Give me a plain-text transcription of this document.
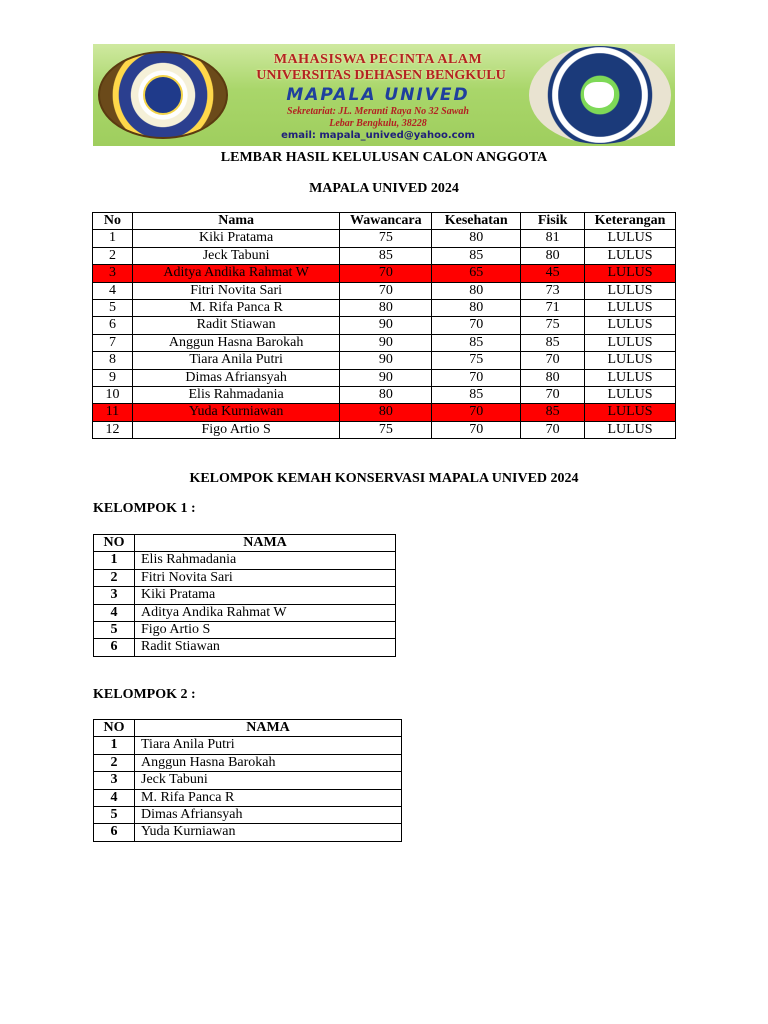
MAHASISWA PECINTA ALAM
UNIVERSITAS DEHASEN BENGKULU
MAPALA UNIVED
Sekretariat: JL. Meranti Raya No 32 Sawah
Lebar Bengkulu, 38228
email: mapala_unived@yahoo.com
LEMBAR HASIL KELULUSAN CALON ANGGOTA
MAPALA UNIVED 2024
No	Nama	Wawancara	Kesehatan	Fisik	Keterangan
1	Kiki Pratama	75	80	81	LULUS
2	Jeck Tabuni	85	85	80	LULUS
3	Aditya Andika Rahmat W	70	65	45	LULUS
4	Fitri Novita Sari	70	80	73	LULUS
5	M. Rifa Panca R	80	80	71	LULUS
6	Radit Stiawan	90	70	75	LULUS
7	Anggun Hasna Barokah	90	85	85	LULUS
8	Tiara Anila Putri	90	75	70	LULUS
9	Dimas Afriansyah	90	70	80	LULUS
10	Elis Rahmadania	80	85	70	LULUS
11	Yuda Kurniawan	80	70	85	LULUS
12	Figo Artio S	75	70	70	LULUS
KELOMPOK KEMAH KONSERVASI MAPALA UNIVED 2024
KELOMPOK 1 :
NO	NAMA
1	Elis Rahmadania
2	Fitri Novita Sari
3	Kiki Pratama
4	Aditya Andika Rahmat W
5	Figo Artio S
6	Radit Stiawan
KELOMPOK 2 :
NO	NAMA
1	Tiara Anila Putri
2	Anggun Hasna Barokah
3	Jeck Tabuni
4	M. Rifa Panca R
5	Dimas Afriansyah
6	Yuda Kurniawan
